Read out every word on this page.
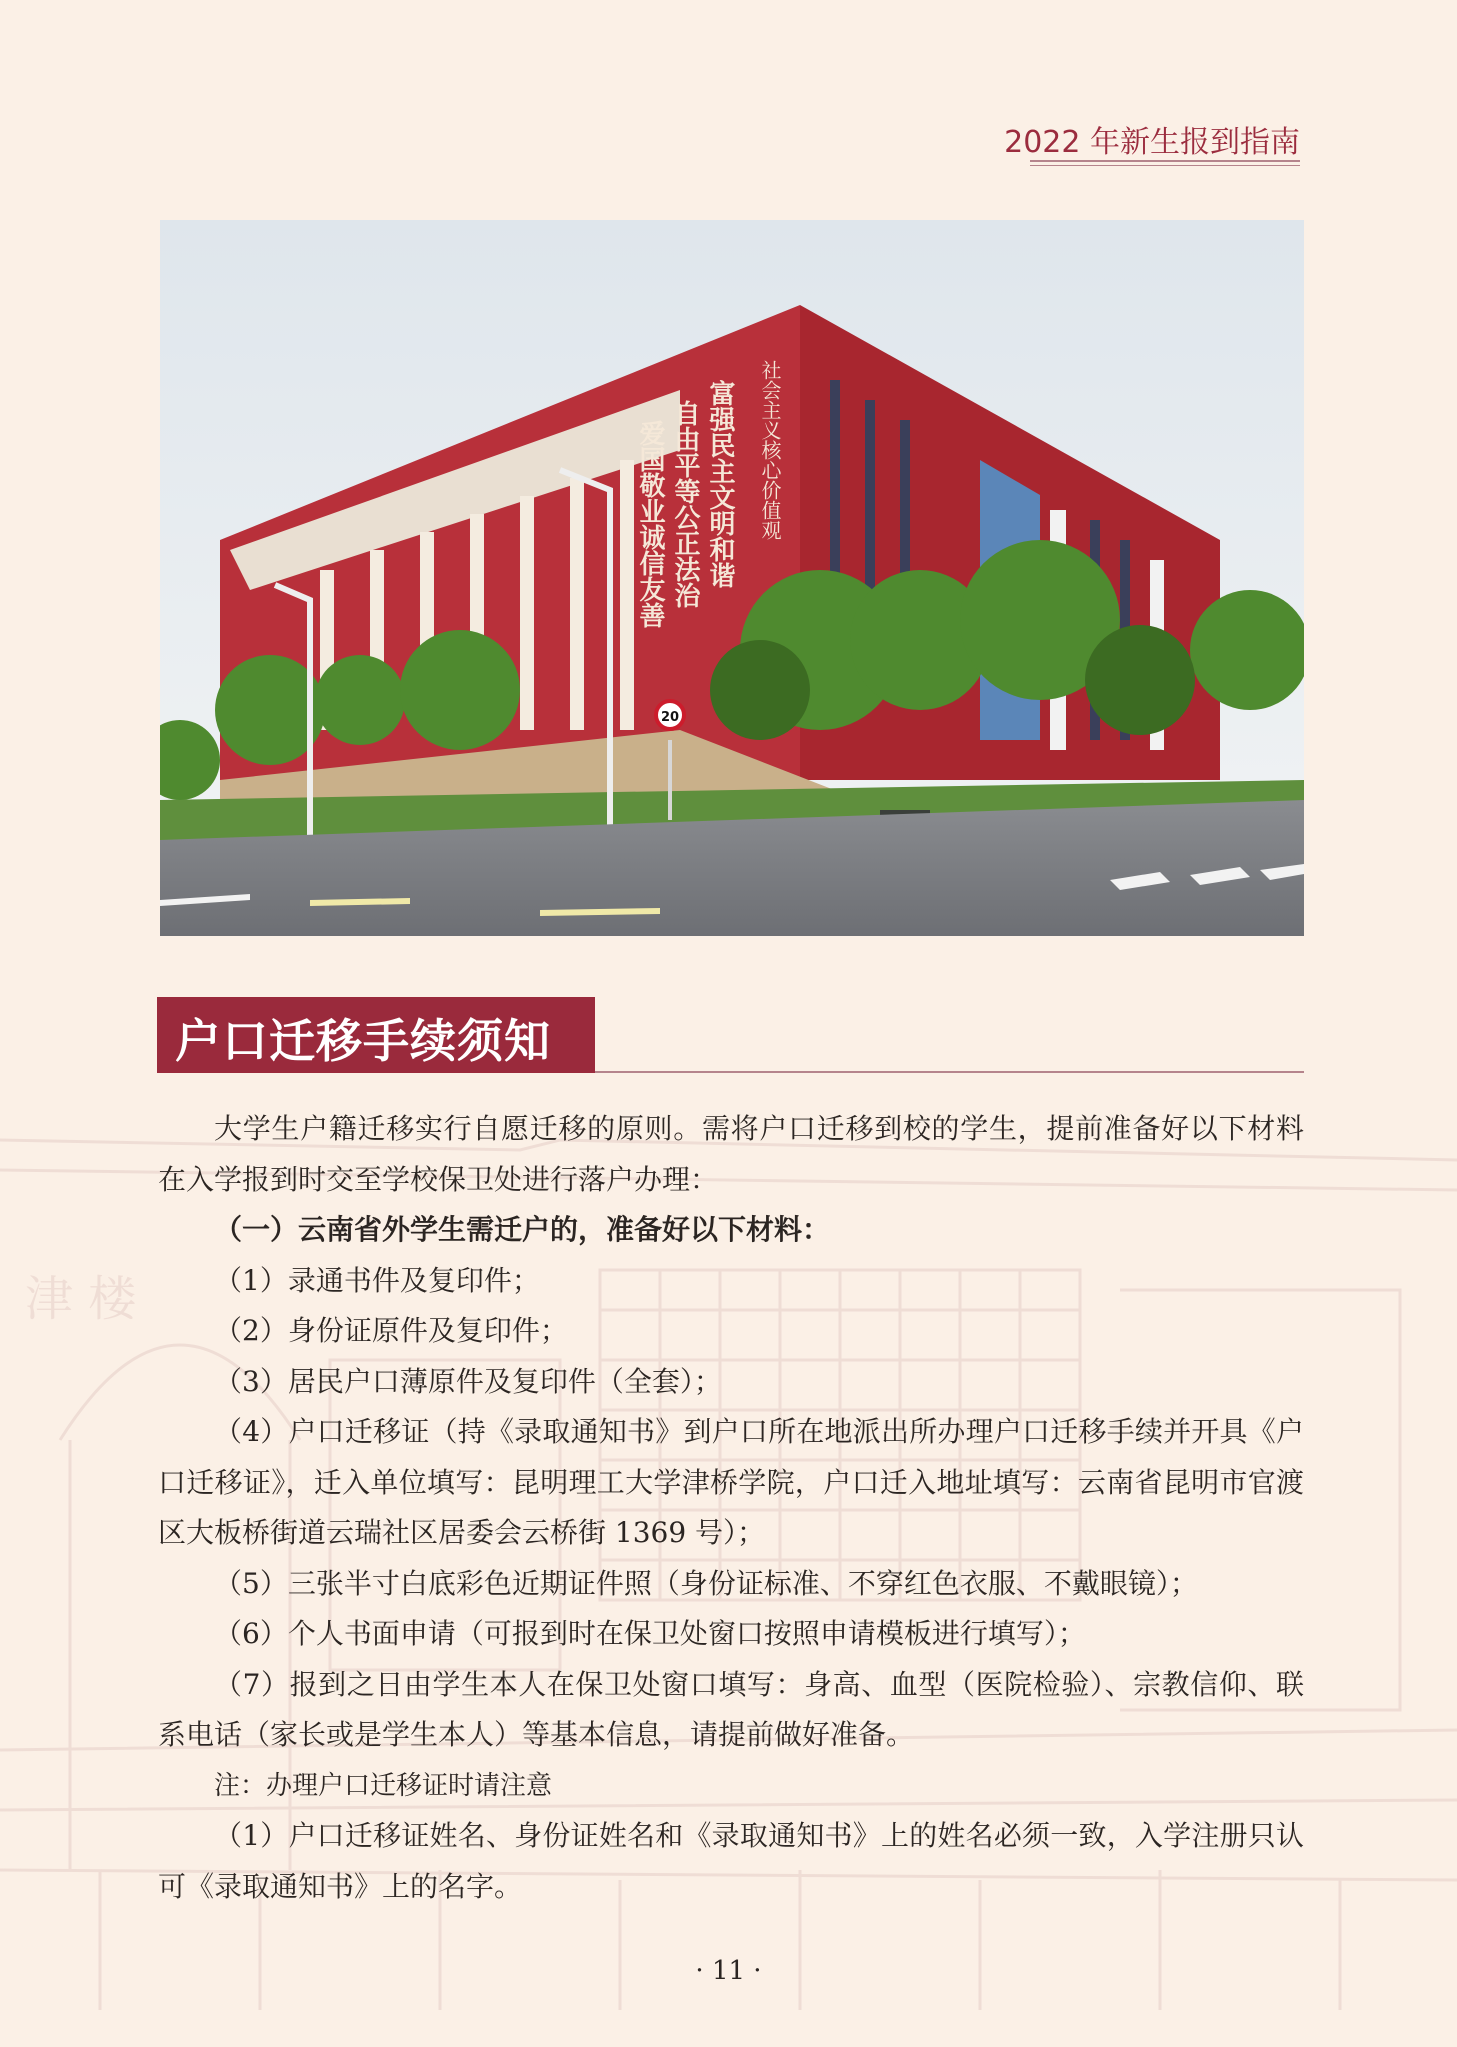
津 楼
2022 年新生报到指南
社会主义核心价值观
富强民主文明和谐
自由平等公正法治
爱国敬业诚信友善
20
户口迁移手续须知

大学生户籍迁移实行自愿迁移的原则。需将户口迁移到校的学生，提前准备好以下材料在入学报到时交至学校保卫处进行落户办理：

（一）云南省外学生需迁户的，准备好以下材料：

（1）录通书件及复印件；

（2）身份证原件及复印件；

（3）居民户口薄原件及复印件（全套）；

（4）户口迁移证（持《录取通知书》到户口所在地派出所办理户口迁移手续并开具《户口迁移证》，迁入单位填写：昆明理工大学津桥学院，户口迁入地址填写：云南省昆明市官渡区大板桥街道云瑞社区居委会云桥街 1369 号）；

（5）三张半寸白底彩色近期证件照（身份证标准、不穿红色衣服、不戴眼镜）；

（6）个人书面申请（可报到时在保卫处窗口按照申请模板进行填写）；

（7）报到之日由学生本人在保卫处窗口填写：身高、血型（医院检验）、宗教信仰、联系电话（家长或是学生本人）等基本信息，请提前做好准备。

注：办理户口迁移证时请注意

（1）户口迁移证姓名、身份证姓名和《录取通知书》上的姓名必须一致，入学注册只认可《录取通知书》上的名字。

· 11 ·
